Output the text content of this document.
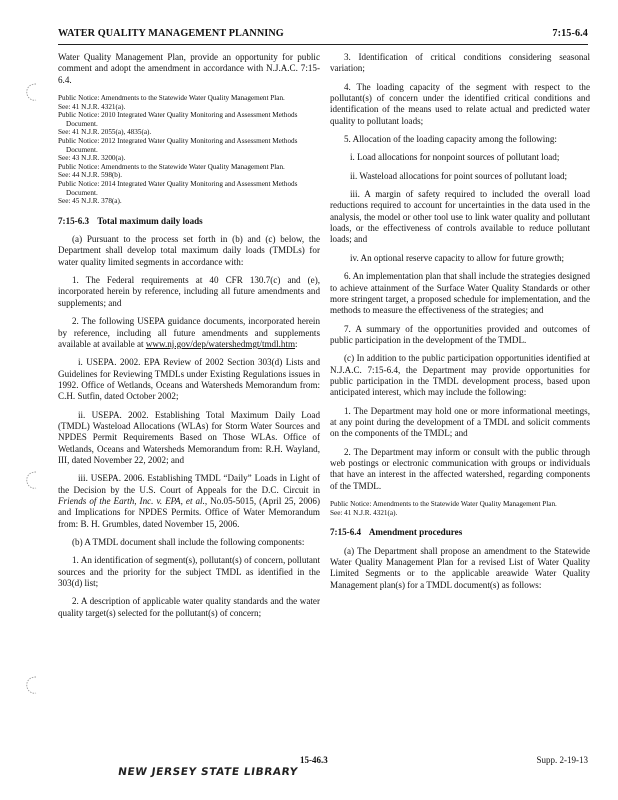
WATER QUALITY MANAGEMENT PLANNING	7:15-6.4

Water Quality Management Plan, provide an opportunity for public comment and adopt the amendment in accordance with N.J.A.C. 7:15-6.4.

Public Notice: Amendments to the Statewide Water Quality Management Plan.

See: 41 N.J.R. 4321(a).

Public Notice: 2010 Integrated Water Quality Monitoring and Assessment Methods Document.

See: 41 N.J.R. 2055(a), 4835(a).

Public Notice: 2012 Integrated Water Quality Monitoring and Assessment Methods Document.

See: 43 N.J.R. 3200(a).

Public Notice: Amendments to the Statewide Water Quality Management Plan.

See: 44 N.J.R. 598(b).

Public Notice: 2014 Integrated Water Quality Monitoring and Assessment Methods Document.

See: 45 N.J.R. 378(a).

7:15-6.3 Total maximum daily loads

(a) Pursuant to the process set forth in (b) and (c) below, the Department shall develop total maximum daily loads (TMDLs) for water quality limited segments in accordance with:

1. The Federal requirements at 40 CFR 130.7(c) and (e), incorporated herein by reference, including all future amendments and supplements; and

2. The following USEPA guidance documents, incorporated herein by reference, including all future amendments and supplements available at available at www.nj.gov/dep/watershedmgt/tmdl.htm:

i. USEPA. 2002. EPA Review of 2002 Section 303(d) Lists and Guidelines for Reviewing TMDLs under Existing Regulations issues in 1992. Office of Wetlands, Oceans and Watersheds Memorandum from: C.H. Sutfin, dated October 2002;

ii. USEPA. 2002. Establishing Total Maximum Daily Load (TMDL) Wasteload Allocations (WLAs) for Storm Water Sources and NPDES Permit Requirements Based on Those WLAs. Office of Wetlands, Oceans and Watersheds Memorandum from: R.H. Wayland, III, dated November 22, 2002; and

iii. USEPA. 2006. Establishing TMDL “Daily” Loads in Light of the Decision by the U.S. Court of Appeals for the D.C. Circuit in Friends of the Earth, Inc. v. EPA, et al., No.05-5015, (April 25, 2006) and Implications for NPDES Permits. Office of Water Memorandum from: B. H. Grumbles, dated November 15, 2006.

(b) A TMDL document shall include the following components:

1. An identification of segment(s), pollutant(s) of concern, pollutant sources and the priority for the subject TMDL as identified in the 303(d) list;

2. A description of applicable water quality standards and the water quality target(s) selected for the pollutant(s) of concern;

3. Identification of critical conditions considering seasonal variation;

4. The loading capacity of the segment with respect to the pollutant(s) of concern under the identified critical conditions and identification of the means used to relate actual and predicted water quality to pollutant loads;

5. Allocation of the loading capacity among the following:

i. Load allocations for nonpoint sources of pollutant load;

ii. Wasteload allocations for point sources of pollutant load;

iii. A margin of safety required to included the overall load reductions required to account for uncertainties in the data used in the analysis, the model or other tool use to link water quality and pollutant loads, or the effectiveness of controls available to reduce pollutant loads; and

iv. An optional reserve capacity to allow for future growth;

6. An implementation plan that shall include the strategies designed to achieve attainment of the Surface Water Quality Standards or other more stringent target, a proposed schedule for implementation, and the methods to measure the effectiveness of the strategies; and

7. A summary of the opportunities provided and outcomes of public participation in the development of the TMDL.

(c) In addition to the public participation opportunities identified at N.J.A.C. 7:15-6.4, the Department may provide opportunities for public participation in the TMDL development process, based upon anticipated interest, which may include the following:

1. The Department may hold one or more informational meetings, at any point during the development of a TMDL and solicit comments on the components of the TMDL; and

2. The Department may inform or consult with the public through web postings or electronic communication with groups or individuals that have an interest in the affected watershed, regarding components of the TMDL.

Public Notice: Amendments to the Statewide Water Quality Management Plan.

See: 41 N.J.R. 4321(a).

7:15-6.4 Amendment procedures

(a) The Department shall propose an amendment to the Statewide Water Quality Management Plan for a revised List of Water Quality Limited Segments or to the applicable areawide Water Quality Management plan(s) for a TMDL document(s) as follows:

15-46.3	Supp. 2-19-13
NEW JERSEY STATE LIBRARY
